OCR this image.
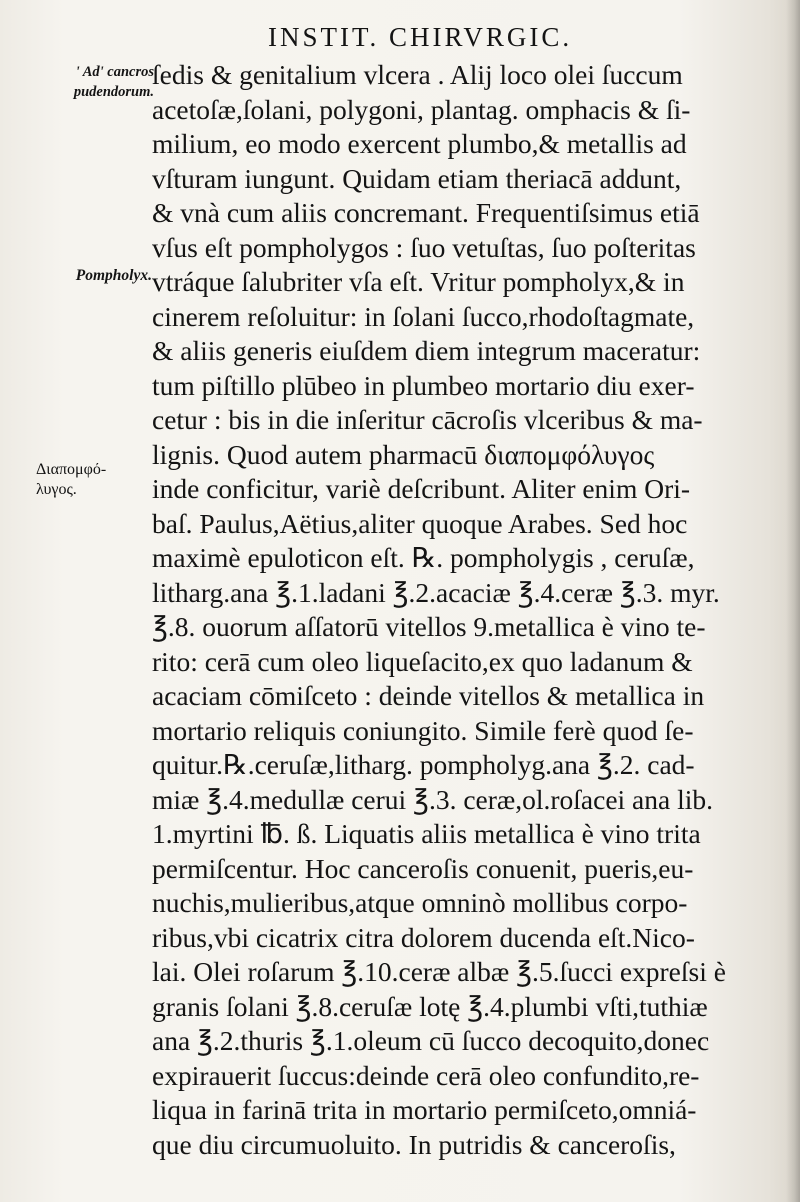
INSTIT. CHIRVRGIC.
' Ad' cancros
pudendorum.
Pompholyx.
Διαπομφό-
λυγος.
ſedis & genitalium vlcera . Alij loco olei ſuccum
acetoſæ,ſolani, polygoni, plantag. omphacis & ſi-
milium, eo modo exercent plumbo,& metallis ad
vſturam iungunt. Quidam etiam theriacā addunt,
& vnà cum aliis concremant. Frequentiſsimus etiā
vſus eſt pompholygos : ſuo vetuſtas, ſuo poſteritas
vtráque ſalubriter vſa eſt. Vritur pompholyx,& in
cinerem reſoluitur: in ſolani ſucco,rhodoſtagmate,
& aliis generis eiuſdem diem integrum maceratur:
tum piſtillo plūbeo in plumbeo mortario diu exer-
cetur : bis in die inſeritur cācroſis vlceribus & ma-
lignis. Quod autem pharmacū διαπομφόλυγος
inde conficitur, variè deſcribunt. Aliter enim Ori-
baſ. Paulus,Aëtius,aliter quoque Arabes. Sed hoc
maximè epuloticon eſt. ℞. pompholygis , ceruſæ,
litharg.ana ℥.1.ladani ℥.2.acaciæ ℥.4.ceræ ℥.3. myr.
℥.8. ouorum aſſatorū vitellos 9.metallica è vino te-
rito: cerā cum oleo liqueſacito,ex quo ladanum &
acaciam cōmiſceto : deinde vitellos & metallica in
mortario reliquis coniungito. Simile ferè quod ſe-
quitur.℞.ceruſæ,litharg. pompholyg.ana ℥.2. cad-
miæ ℥.4.medullæ cerui ℥.3. ceræ,ol.roſacei ana lib.
1.myrtini ℔. ß. Liquatis aliis metallica è vino trita
permiſcentur. Hoc canceroſis conuenit, pueris,eu-
nuchis,mulieribus,atque omninò mollibus corpo-
ribus,vbi cicatrix citra dolorem ducenda eſt.Nico-
lai. Olei roſarum ℥.10.ceræ albæ ℥.5.ſucci expreſsi è
granis ſolani ℥.8.ceruſæ lotę ℥.4.plumbi vſti,tuthiæ
ana ℥.2.thuris ℥.1.oleum cū ſucco decoquito,donec
expirauerit ſuccus:deinde cerā oleo confundito,re-
liqua in farinā trita in mortario permiſceto,omniá-
que diu circumuoluito. In putridis & canceroſis,
